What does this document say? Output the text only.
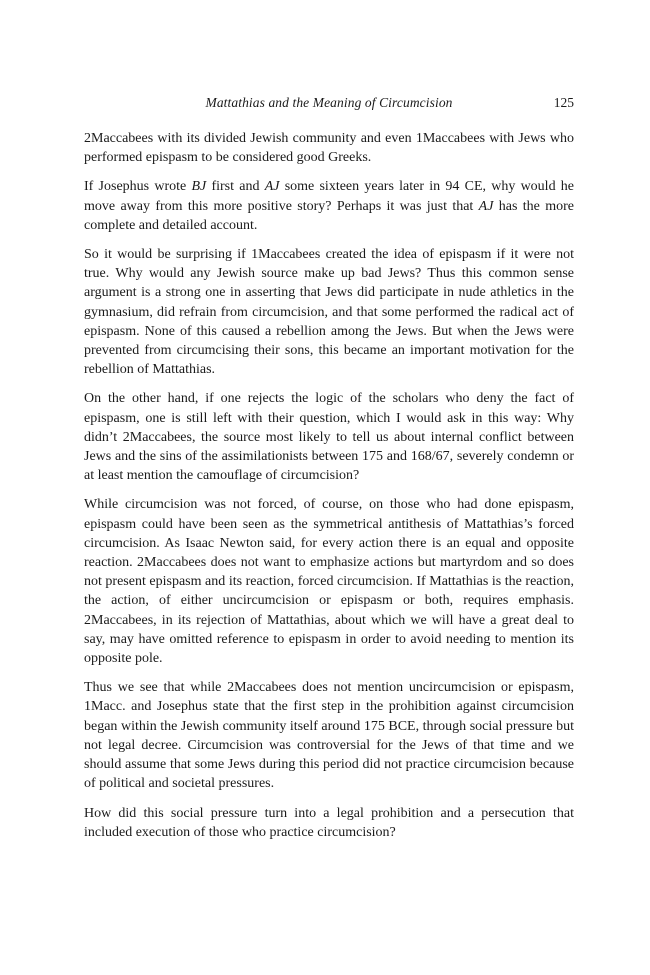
Mattathias and the Meaning of Circumcision	125

2Maccabees with its divided Jewish community and even 1Maccabees with Jews who performed epispasm to be considered good Greeks.

If Josephus wrote BJ first and AJ some sixteen years later in 94 CE, why would he move away from this more positive story? Perhaps it was just that AJ has the more complete and detailed account.

So it would be surprising if 1Maccabees created the idea of epispasm if it were not true. Why would any Jewish source make up bad Jews? Thus this common sense argument is a strong one in asserting that Jews did participate in nude athletics in the gymnasium, did refrain from circumcision, and that some performed the radical act of epispasm. None of this caused a rebellion among the Jews. But when the Jews were prevented from circumcising their sons, this became an important motivation for the rebellion of Mattathias.

On the other hand, if one rejects the logic of the scholars who deny the fact of epispasm, one is still left with their question, which I would ask in this way: Why didn’t 2Maccabees, the source most likely to tell us about internal conflict between Jews and the sins of the assimilationists between 175 and 168/67, severely condemn or at least mention the camouflage of circumcision?

While circumcision was not forced, of course, on those who had done epispasm, epispasm could have been seen as the symmetrical antithesis of Mattathias’s forced circumcision. As Isaac Newton said, for every action there is an equal and opposite reaction. 2Maccabees does not want to emphasize actions but martyrdom and so does not present epispasm and its reaction, forced circumcision. If Mattathias is the reaction, the action, of either uncircumcision or epispasm or both, requires emphasis. 2Maccabees, in its rejection of Mattathias, about which we will have a great deal to say, may have omitted reference to epispasm in order to avoid needing to mention its opposite pole.

Thus we see that while 2Maccabees does not mention uncircumcision or epispasm, 1Macc. and Josephus state that the first step in the prohibition against circumcision began within the Jewish community itself around 175 BCE, through social pressure but not legal decree. Circumcision was controversial for the Jews of that time and we should assume that some Jews during this period did not practice circumcision because of political and societal pressures.

How did this social pressure turn into a legal prohibition and a persecution that included execution of those who practice circumcision?
